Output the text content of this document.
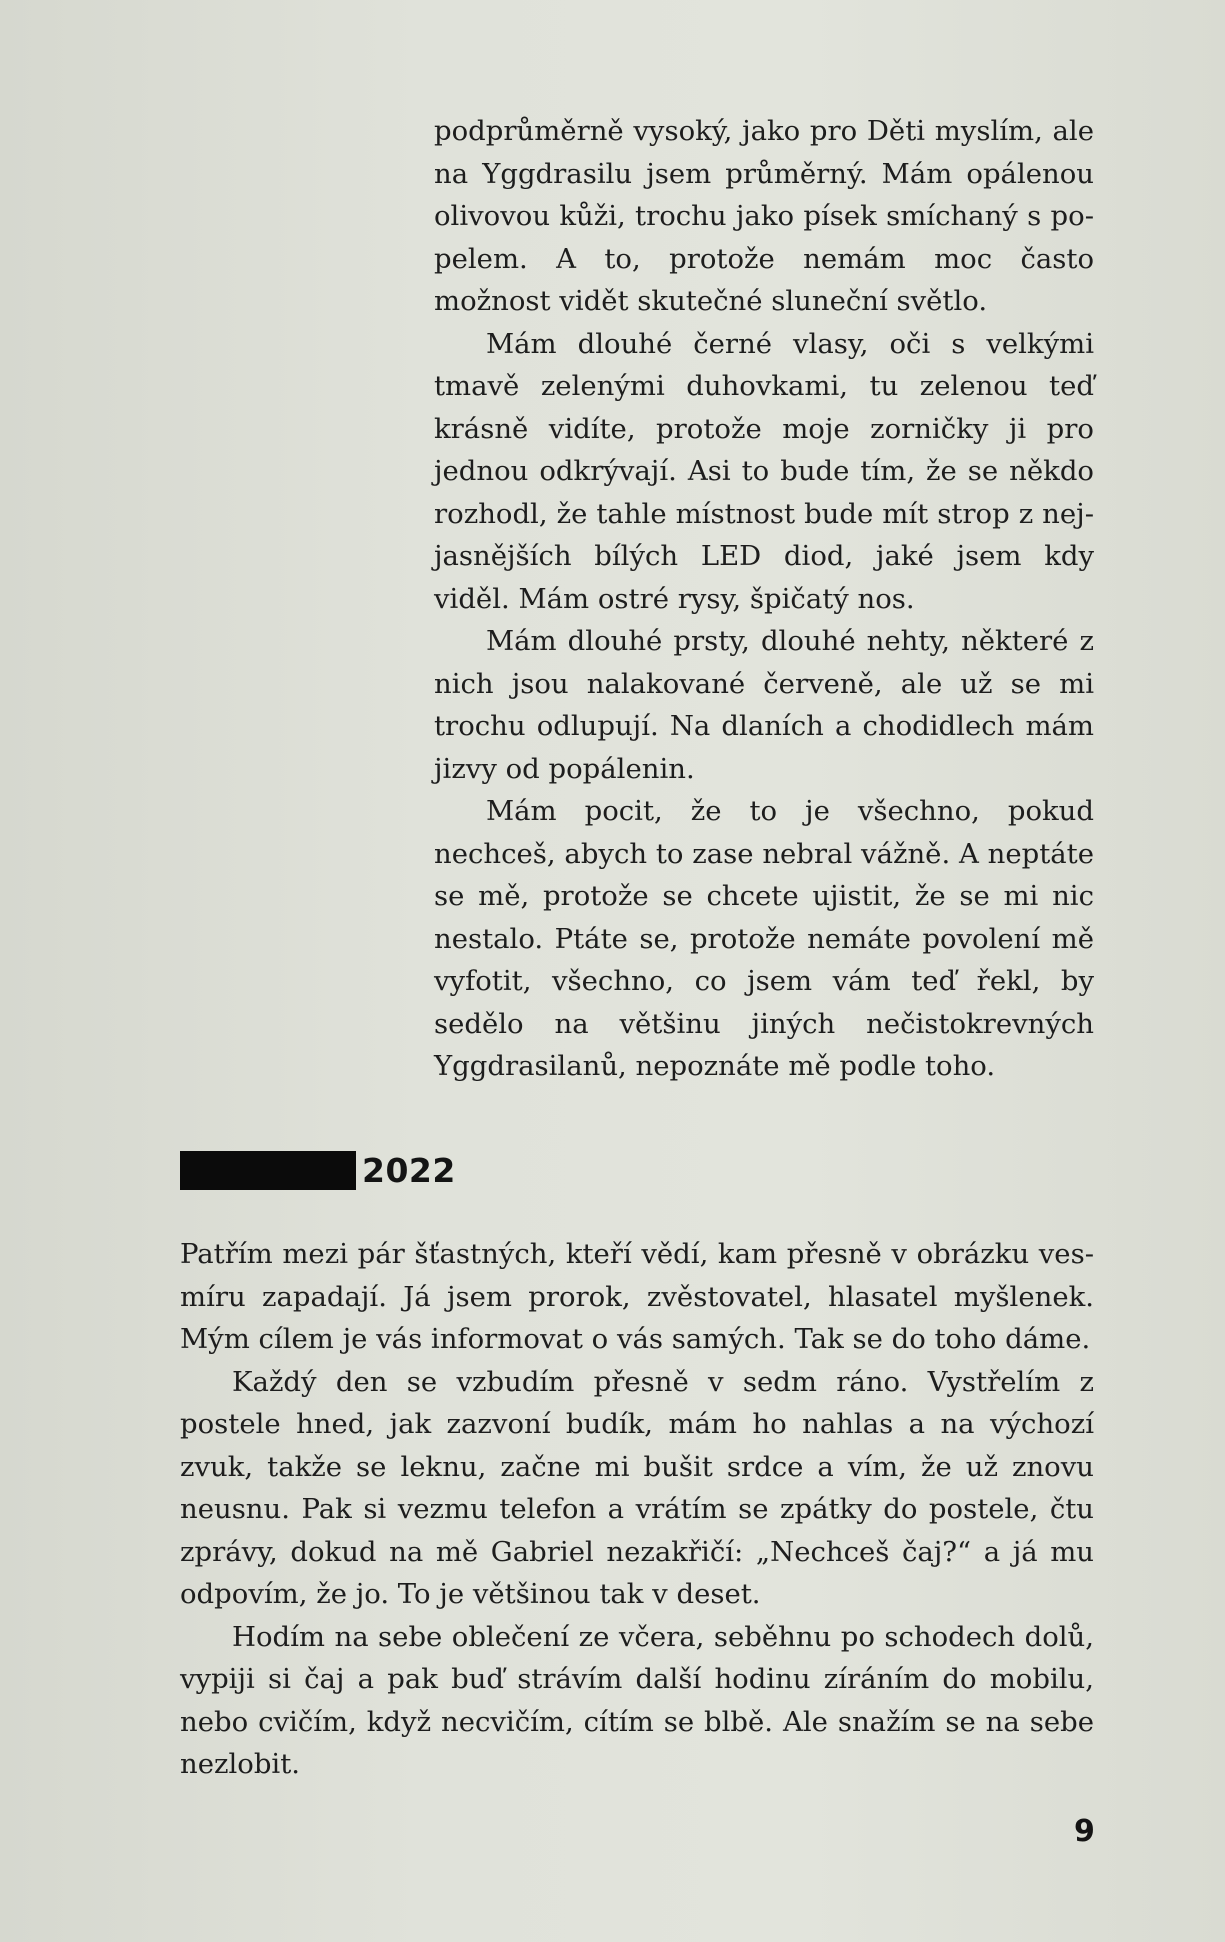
podprůměrně vysoký, jako pro Děti myslím, ale na Yggdrasilu jsem průměrný. Mám opálenou olivovou kůži, trochu jako písek smíchaný s popelem. A to, protože nemám moc často možnost vidět skutečné sluneční světlo.

Mám dlouhé černé vlasy, oči s velkými tmavě zelenými duhovkami, tu zelenou teď krásně vidíte, protože moje zorničky ji pro jednou odkrývají. Asi to bude tím, že se někdo rozhodl, že tahle místnost bude mít strop z nejjasnějších bílých LED diod, jaké jsem kdy viděl. Mám ostré rysy, špičatý nos.

Mám dlouhé prsty, dlouhé nehty, některé z nich jsou nalakované červeně, ale už se mi trochu odlupují. Na dlaních a chodidlech mám jizvy od popálenin.

Mám pocit, že to je všechno, pokud nechceš, abych to zase nebral vážně. A neptáte se mě, protože se chcete ujistit, že se mi nic nestalo. Ptáte se, protože nemáte povolení mě vyfotit, všechno, co jsem vám teď řekl, by sedělo na většinu jiných nečistokrevných Yggdrasilanů, nepoznáte mě podle toho.

2022

Patřím mezi pár šťastných, kteří vědí, kam přesně v obrázku vesmíru zapadají. Já jsem prorok, zvěstovatel, hlasatel myšlenek. Mým cílem je vás informovat o vás samých. Tak se do toho dáme.

Každý den se vzbudím přesně v sedm ráno. Vystřelím z postele hned, jak zazvoní budík, mám ho nahlas a na výchozí zvuk, takže se leknu, začne mi bušit srdce a vím, že už znovu neusnu. Pak si vezmu telefon a vrátím se zpátky do postele, čtu zprávy, dokud na mě Gabriel nezakřičí: „Nechceš čaj?“ a já mu odpovím, že jo. To je většinou tak v deset.

Hodím na sebe oblečení ze včera, seběhnu po schodech dolů, vypiji si čaj a pak buď strávím další hodinu zíráním do mobilu, nebo cvičím, když necvičím, cítím se blbě. Ale snažím se na sebe nezlobit.

9
